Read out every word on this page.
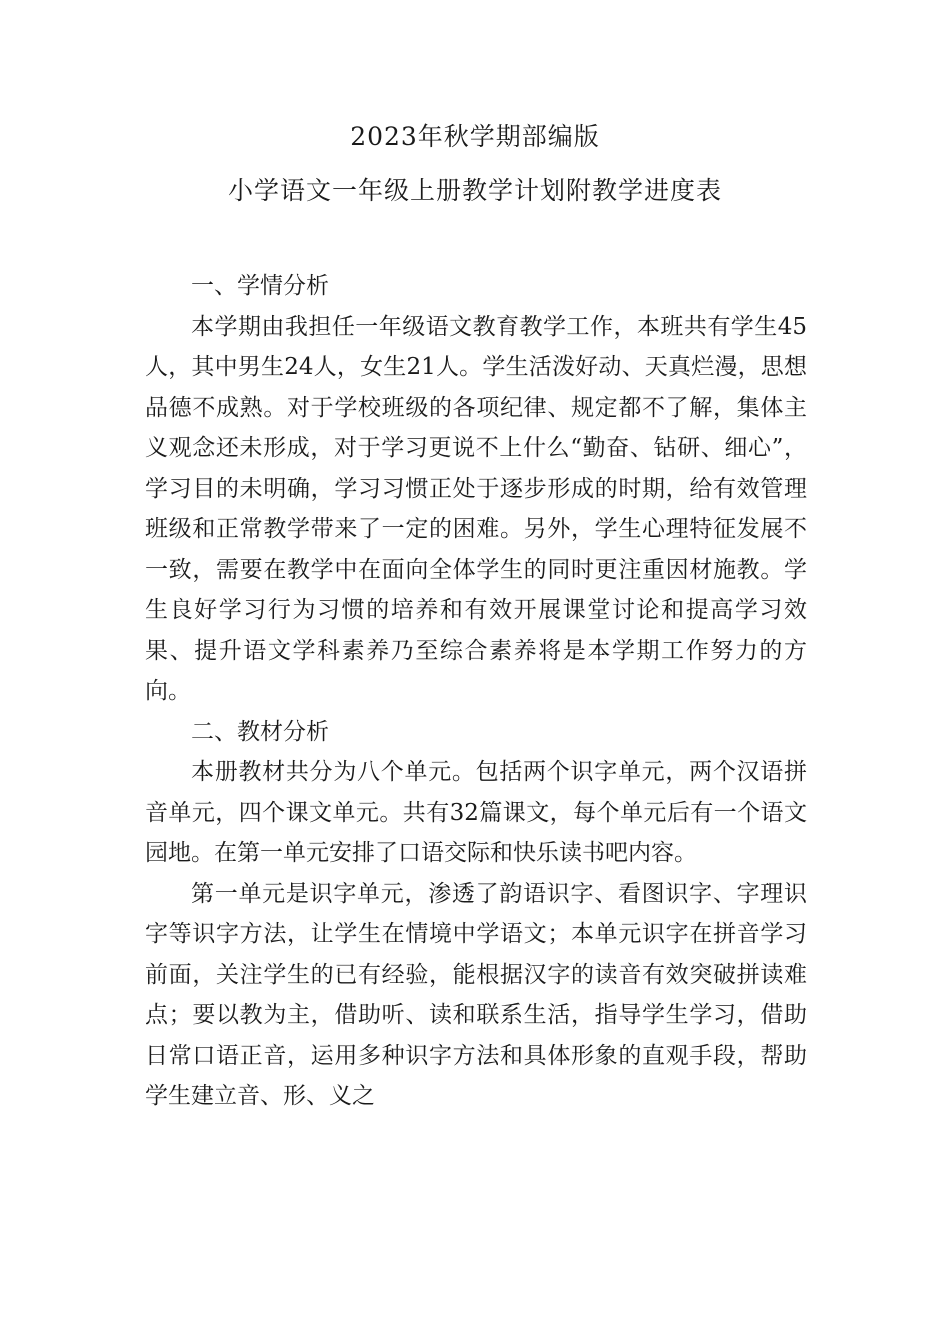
2023年秋学期部编版
小学语文一年级上册教学计划附教学进度表

一、学情分析

本学期由我担任一年级语文教育教学工作，本班共有学生45人，其中男生24人，女生21人。学生活泼好动、天真烂漫，思想品德不成熟。对于学校班级的各项纪律、规定都不了解，集体主义观念还未形成，对于学习更说不上什么“勤奋、钻研、细心”，学习目的未明确，学习习惯正处于逐步形成的时期，给有效管理班级和正常教学带来了一定的困难。另外，学生心理特征发展不一致，需要在教学中在面向全体学生的同时更注重因材施教。学生良好学习行为习惯的培养和有效开展课堂讨论和提高学习效果、提升语文学科素养乃至综合素养将是本学期工作努力的方向。

二、教材分析

本册教材共分为八个单元。包括两个识字单元，两个汉语拼音单元，四个课文单元。共有32篇课文，每个单元后有一个语文园地。在第一单元安排了口语交际和快乐读书吧内容。

第一单元是识字单元，渗透了韵语识字、看图识字、字理识字等识字方法，让学生在情境中学语文；本单元识字在拼音学习前面，关注学生的已有经验，能根据汉字的读音有效突破拼读难点；要以教为主，借助听、读和联系生活，指导学生学习，借助日常口语正音，运用多种识字方法和具体形象的直观手段，帮助学生建立音、形、义之
